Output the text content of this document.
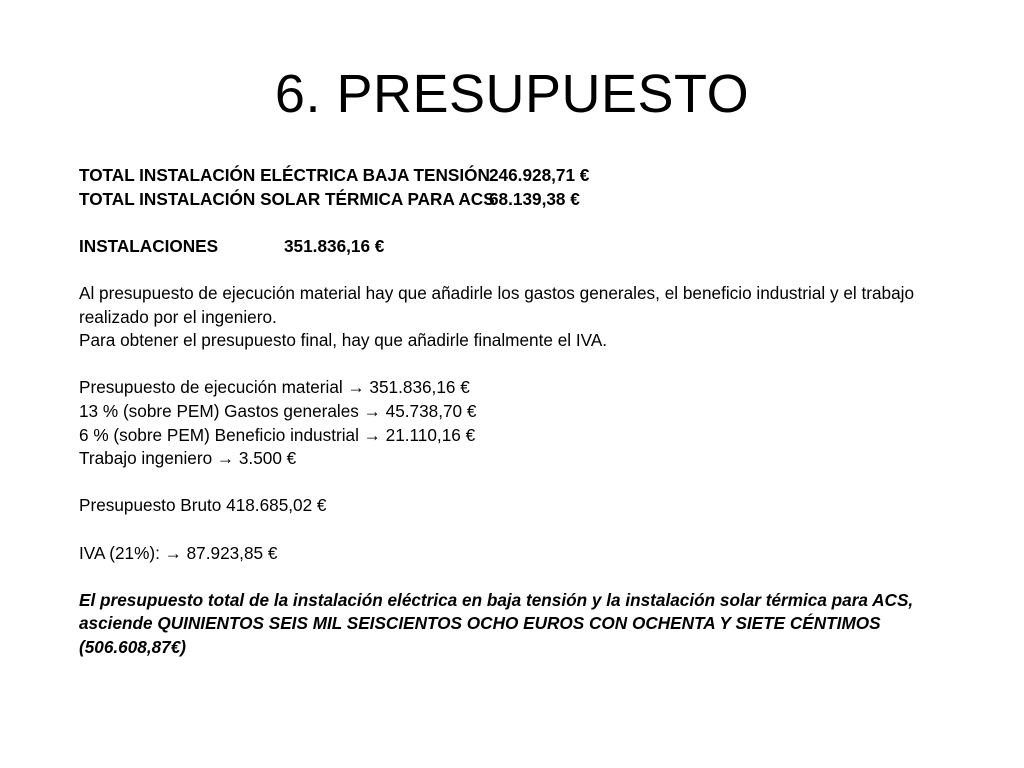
6. PRESUPUESTO
TOTAL INSTALACIÓN ELÉCTRICA BAJA TENSIÓN246.928,71 €
TOTAL INSTALACIÓN SOLAR TÉRMICA PARA ACS68.139,38 €
INSTALACIONES	351.836,16 €

Al presupuesto de ejecución material hay que añadirle los gastos generales, el beneficio industrial y el trabajo realizado por el ingeniero.

Para obtener el presupuesto final, hay que añadirle finalmente el IVA.

Presupuesto de ejecución material → 351.836,16 €
13 % (sobre PEM) Gastos generales → 45.738,70 €
6 % (sobre PEM) Beneficio industrial → 21.110,16 €
Trabajo ingeniero → 3.500 €
Presupuesto Bruto 418.685,02 €
IVA (21%): → 87.923,85 €

El presupuesto total de la instalación eléctrica en baja tensión y la instalación solar térmica para ACS, asciende QUINIENTOS SEIS MIL SEISCIENTOS OCHO EUROS CON OCHENTA Y SIETE CÉNTIMOS (506.608,87€)
